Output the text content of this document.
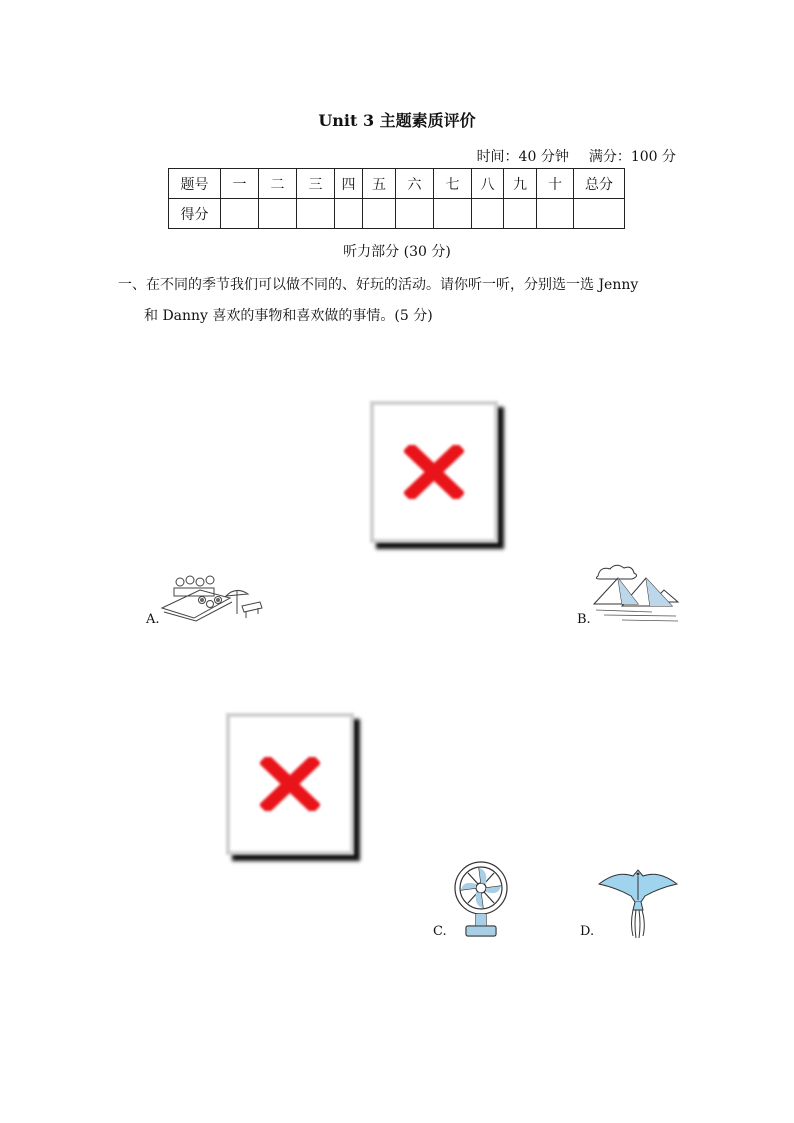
Unit 3 主题素质评价
时间：40 分钟 满分：100 分
题号	一	二	三	四	五	六	七	八	九	十	总分
得分											
听力部分 (30 分)
一、在不同的季节我们可以做不同的、好玩的活动。请你听一听，分别选一选 Jenny
和 Danny 喜欢的事物和喜欢做的事情。(5 分)
A.	B.
C.	D.
